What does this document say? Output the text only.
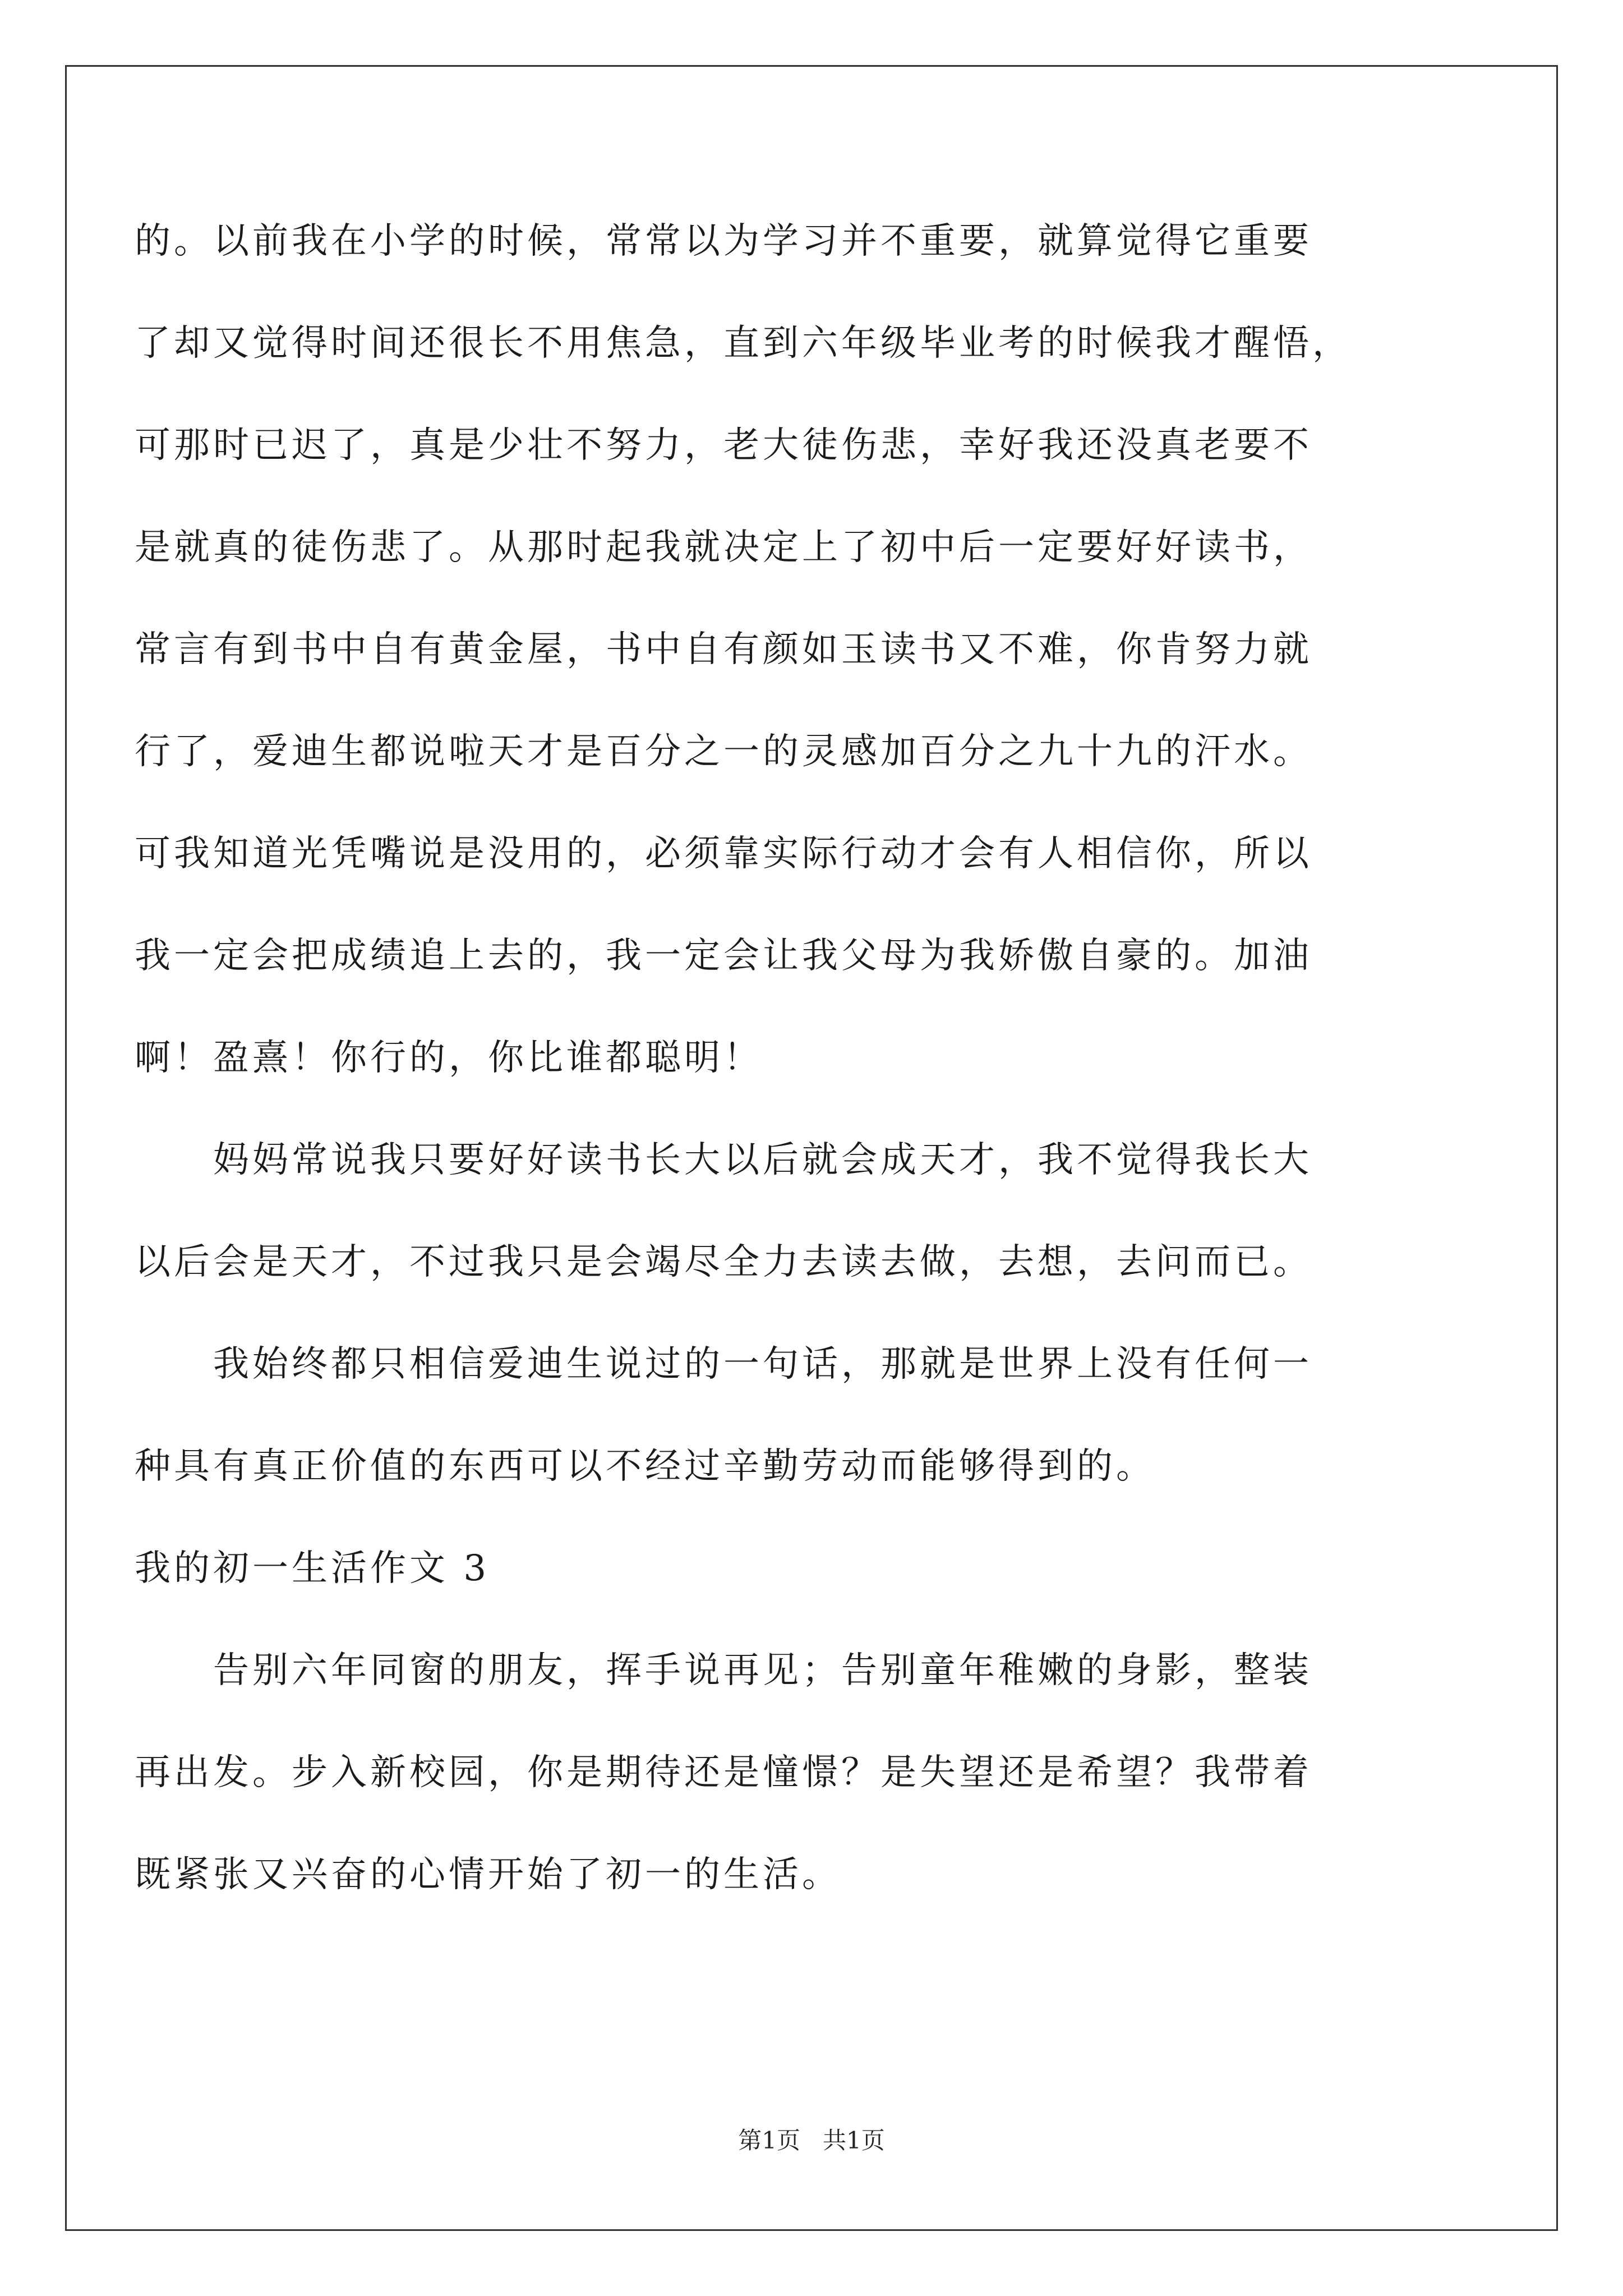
的。以前我在小学的时候，常常以为学习并不重要，就算觉得它重要
了却又觉得时间还很长不用焦急，直到六年级毕业考的时候我才醒悟，
可那时已迟了，真是少壮不努力，老大徒伤悲，幸好我还没真老要不
是就真的徒伤悲了。从那时起我就决定上了初中后一定要好好读书，
常言有到书中自有黄金屋，书中自有颜如玉读书又不难，你肯努力就
行了，爱迪生都说啦天才是百分之一的灵感加百分之九十九的汗水。
可我知道光凭嘴说是没用的，必须靠实际行动才会有人相信你，所以
我一定会把成绩追上去的，我一定会让我父母为我娇傲自豪的。加油
啊！盈熹！你行的，你比谁都聪明！
妈妈常说我只要好好读书长大以后就会成天才，我不觉得我长大
以后会是天才，不过我只是会竭尽全力去读去做，去想，去问而已。
我始终都只相信爱迪生说过的一句话，那就是世界上没有任何一
种具有真正价值的东西可以不经过辛勤劳动而能够得到的。
我的初一生活作文 3
告别六年同窗的朋友，挥手说再见；告别童年稚嫩的身影，整装
再出发。步入新校园，你是期待还是憧憬？是失望还是希望？我带着
既紧张又兴奋的心情开始了初一的生活。
第1页 共1页
